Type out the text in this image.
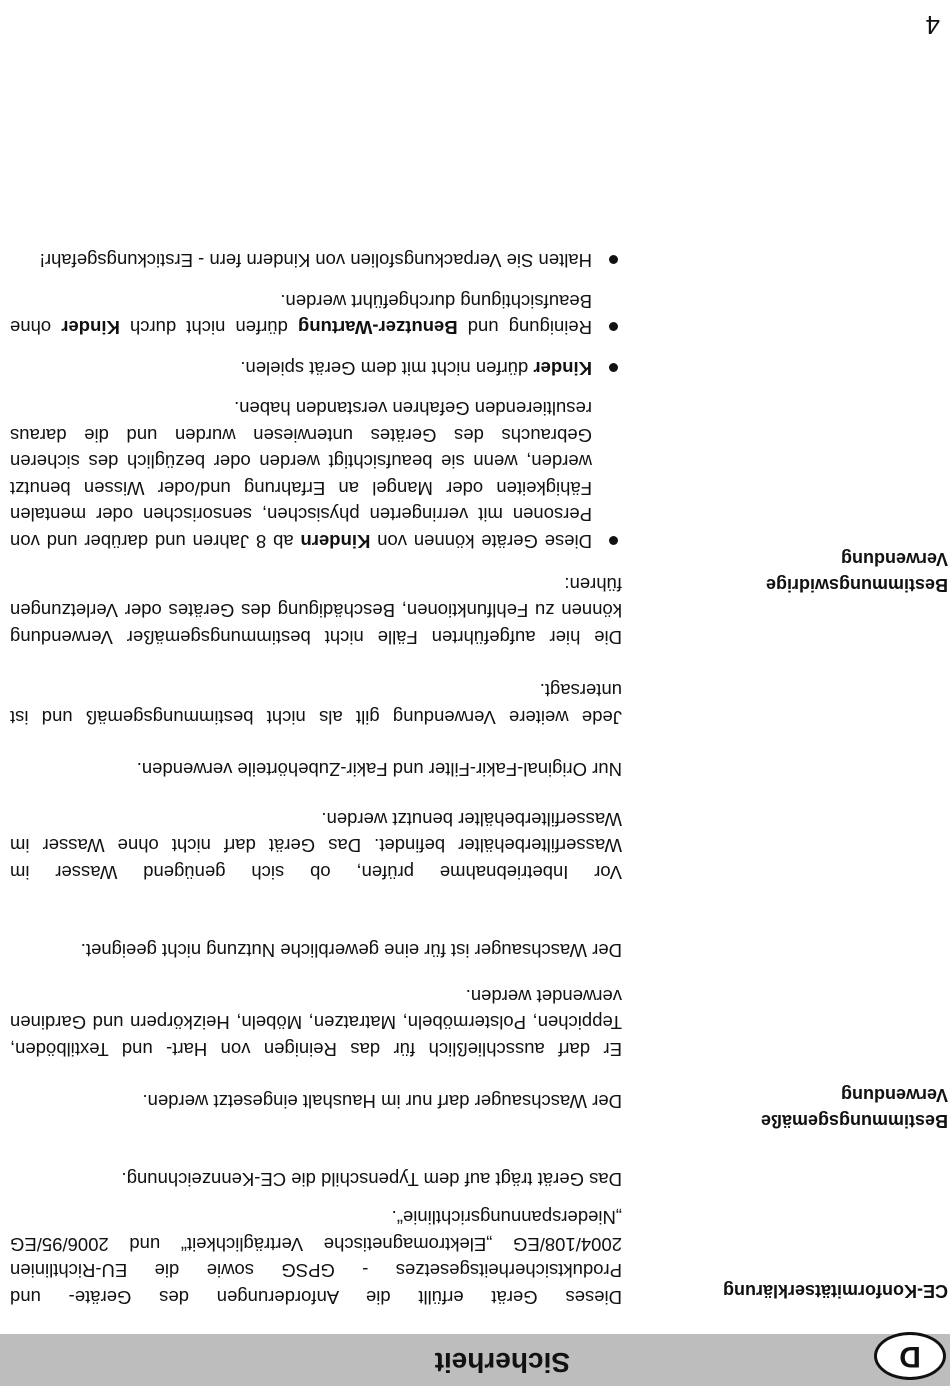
D
Sicherheit
CE-Konformitätserklärung

Dieses Gerät erfüllt die Anforderungen des Geräte- und Produktsicherheitsgesetzes - GPSG sowie die EU-Richtlinien 2004/108/EG „Elektromagnetische Verträglichkeit“ und 2006/95/EG „Niederspannungsrichtlinie“.

Das Gerät trägt auf dem Typenschild die CE-Kennzeichnung.

Bestimmungsgemäße
Verwendung

Der Waschsauger darf nur im Haushalt eingesetzt werden.

Er darf ausschließlich für das Reinigen von Hart- und Textilböden, Teppichen, Polstermöbeln, Matratzen, Möbeln, Heizkörpern und Gardinen verwendet werden.

Der Waschsauger ist für eine gewerbliche Nutzung nicht geeignet.

Vor Inbetriebnahme prüfen, ob sich genügend Wasser im Wasserfilterbehälter befindet. Das Gerät darf nicht ohne Wasser im Wasserfilterbehälter benutzt werden.

Nur Original-Fakir-Filter und Fakir-Zubehörteile verwenden.

Jede weitere Verwendung gilt als nicht bestimmungsgemäß und ist untersagt.

Bestimmungswidrige
Verwendung

Die hier aufgeführten Fälle nicht bestimmungsgemäßer Verwendung können zu Fehlfunktionen, Beschädigung des Gerätes oder Verletzungen führen:

Diese Geräte können von Kindern ab 8 Jahren und darüber und von Personen mit verringerten physischen, sensorischen oder mentalen Fähigkeiten oder Mangel an Erfahrung und/oder Wissen benutzt werden, wenn sie beaufsichtigt werden oder bezüglich des sicheren Gebrauchs des Gerätes unterwiesen wurden und die daraus resultierenden Gefahren verstanden haben.
Kinder dürfen nicht mit dem Gerät spielen.
Reinigung und Benutzer-Wartung dürfen nicht durch Kinder ohne Beaufsichtigung durchgeführt werden.
Halten Sie Verpackungsfolien von Kindern fern - Erstickungsgefahr!
4
